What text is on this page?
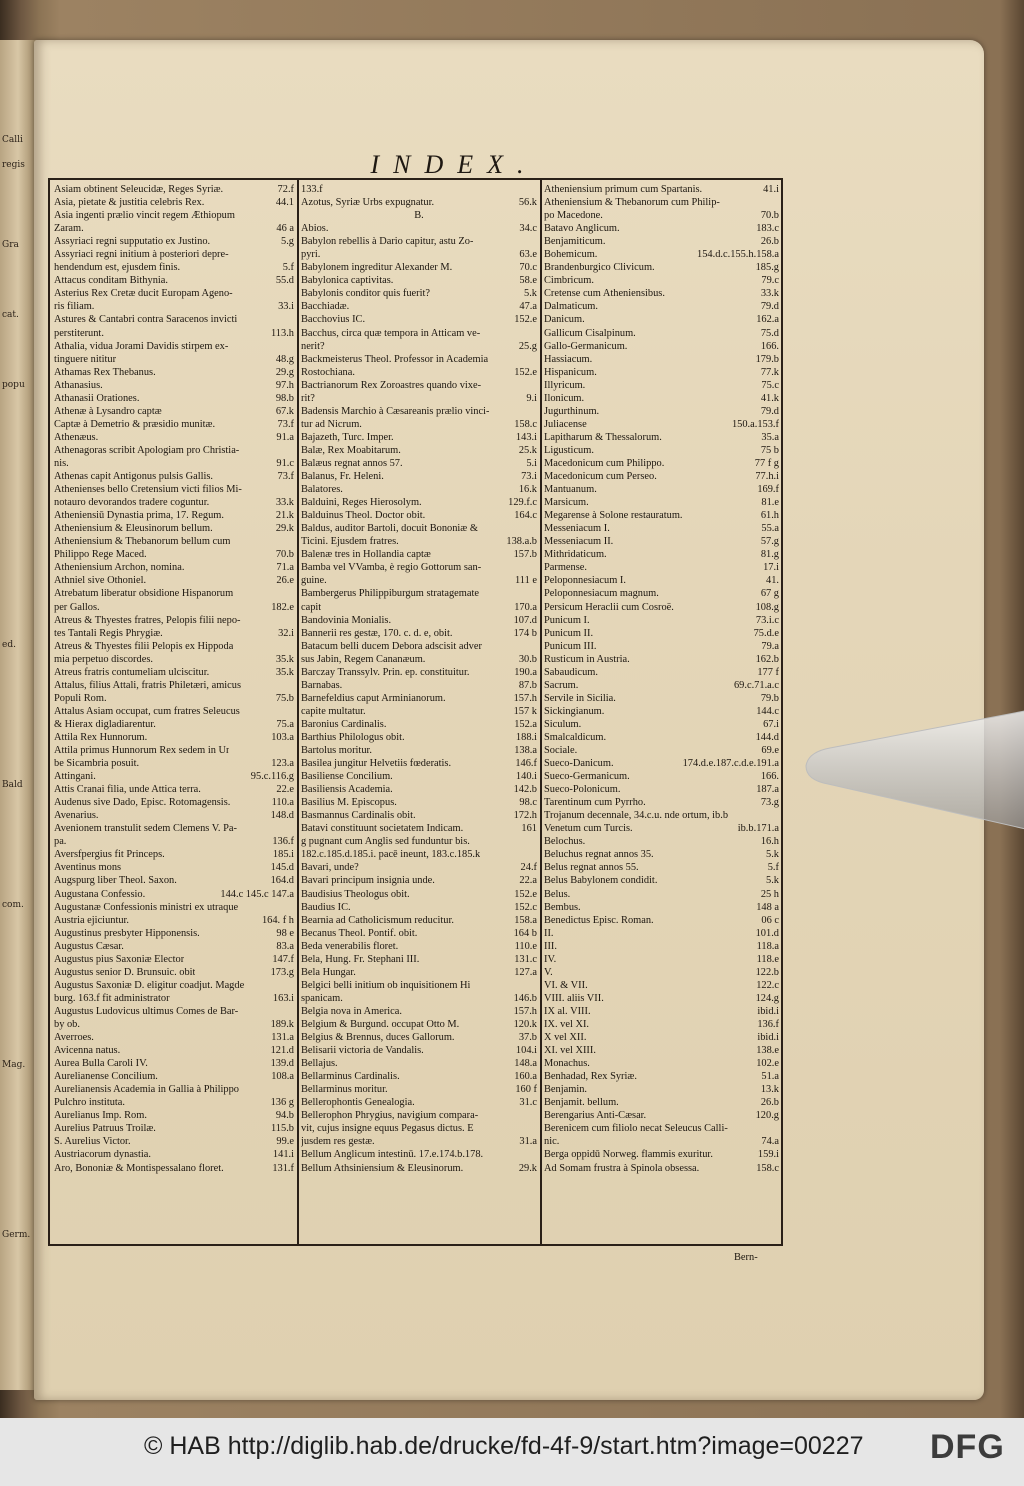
Calli
regis
Gra
cat.
popu
ed.
Bald
com.
Mag.
Germ.
INDEX.
Asiam obtinent Seleucidæ, Reges Syriæ.	72.f
Asia, pietate & justitia celebris Rex.	44.1
Asia ingenti prælio vincit regem Æthiopum
Zaram.	46 a
Assyriaci regni supputatio ex Justino.	5.g
Assyriaci regni initium à posteriori depre-
hendendum est, ejusdem finis.	5.f
Attacus conditam Bithynia.	55.d
Asterius Rex Cretæ ducit Europam Ageno-
ris filiam.	33.i
Astures & Cantabri contra Saracenos invicti
perstiterunt.	113.h
Athalia, vidua Jorami Davidis stirpem ex-
tinguere nititur	48.g
Athamas Rex Thebanus.	29.g
Athanasius.	97.h
Athanasii Orationes.	98.b
Athenæ à Lysandro captæ	67.k
Captæ à Demetrio & præsidio munitæ.	73.f
Athenæus.	91.a
Athenagoras scribit Apologiam pro Christia-
nis.	91.c
Athenas capit Antigonus pulsis Gallis.	73.f
Athenienses bello Cretensium victi filios Mi-
notauro devorandos tradere coguntur.	33.k
Atheniensiū Dynastia prima, 17. Regum.	21.k
Atheniensium & Eleusinorum bellum.	29.k
Atheniensium & Thebanorum bellum cum
Philippo Rege Maced.	70.b
Atheniensium Archon, nomina.	71.a
Athniel sive Othoniel.	26.e
Atrebatum liberatur obsidione Hispanorum
per Gallos.	182.e
Atreus & Thyestes fratres, Pelopis filii nepo-
tes Tantali Regis Phrygiæ.	32.i
Atreus & Thyestes filii Pelopis ex Hippoda
mia perpetuo discordes.	35.k
Atreus fratris contumeliam ulciscitur.	35.k
Attalus, filius Attali, fratris Philetæri, amicus
Populi Rom.	75.b
Attalus Asiam occupat, cum fratres Seleucus
& Hierax digladiarentur.	75.a
Attila Rex Hunnorum.	103.a
Attila primus Hunnorum Rex sedem in Ur
be Sicambria posuit.	123.a
Attingani.	95.c.116.g
Attis Cranai filia, unde Attica terra.	22.e
Audenus sive Dado, Episc. Rotomagensis.	110.a
Avenarius.	148.d
Avenionem transtulit sedem Clemens V. Pa-
pa.	136.f
Aversfpergius fit Princeps.	185.i
Aventinus mons	145.d
Augspurg liber Theol. Saxon.	164.d
Augustana Confessio.	144.c 145.c 147.a
Augustanæ Confessionis ministri ex utraque
Austria ejiciuntur.	164. f h
Augustinus presbyter Hipponensis.	98 e
Augustus Cæsar.	83.a
Augustus pius Saxoniæ Elector	147.f
Augustus senior D. Brunsuic. obit	173.g
Augustus Saxoniæ D. eligitur coadjut. Magde
burg. 163.f fit administrator	163.i
Augustus Ludovicus ultimus Comes de Bar-
by ob.	189.k
Averroes.	131.a
Avicenna natus.	121.d
Aurea Bulla Caroli IV.	139.d
Aurelianense Concilium.	108.a
Aurelianensis Academia in Gallia à Philippo
Pulchro instituta.	136 g
Aurelianus Imp. Rom.	94.b
Aurelius Patruus Troilæ.	115.b
S. Aurelius Victor.	99.e
Austriacorum dynastia.	141.i
Aro, Bononiæ & Montispessalano floret.	131.f
133.f
Azotus, Syriæ Urbs expugnatur.	56.k
B.
Abios.	34.c
Babylon rebellis à Dario capitur, astu Zo-
pyri.	63.e
Babylonem ingreditur Alexander M.	70.c
Babylonica captivitas.	58.e
Babylonis conditor quis fuerit?	5.k
Bacchiadæ.	47.a
Bacchovius IC.	152.e
Bacchus, circa quæ tempora in Atticam ve-
nerit?	25.g
Backmeisterus Theol. Professor in Academia
Rostochiana.	152.e
Bactrianorum Rex Zoroastres quando vixe-
rit?	9.i
Badensis Marchio à Cæsareanis prælio vinci-
tur ad Nicrum.	158.c
Bajazeth, Turc. Imper.	143.i
Balæ, Rex Moabitarum.	25.k
Balæus regnat annos 57.	5.i
Balanus, Fr. Heleni.	73.i
Balatores.	16.k
Balduini, Reges Hierosolym.	129.f.c
Balduinus Theol. Doctor obit.	164.c
Baldus, auditor Bartoli, docuit Bononiæ &
Ticini. Ejusdem fratres.	138.a.b
Balenæ tres in Hollandia captæ	157.b
Bamba vel VVamba, è regio Gottorum san-
guine.	111 e
Bambergerus Philippiburgum stratagemate
capit	170.a
Bandovinia Monialis.	107.d
Bannerii res gestæ, 170. c. d. e, obit.	174 b
Batacum belli ducem Debora adscisit adver
sus Jabin, Regem Cananæum.	30.b
Barczay Transsylv. Prin. ep. constituitur.	190.a
Barnabas.	87.b
Barnefeldius caput Arminianorum.	157.h
capite multatur.	157 k
Baronius Cardinalis.	152.a
Barthius Philologus obit.	188.i
Bartolus moritur.	138.a
Basilea jungitur Helvetiis fœderatis.	146.f
Basiliense Concilium.	140.i
Basiliensis Academia.	142.b
Basilius M. Episcopus.	98.c
Basmannus Cardinalis obit.	172.h
Batavi constituunt societatem Indicam.	161
g pugnant cum Anglis sed funduntur bis.
182.c.185.d.185.i. pacē ineunt, 183.c.185.k
Bavari, unde?	24.f
Bavari principum insignia unde.	22.a
Baudisius Theologus obit.	152.e
Baudius IC.	152.c
Bearnia ad Catholicismum reducitur.	158.a
Becanus Theol. Pontif. obit.	164 b
Beda venerabilis floret.	110.e
Bela, Hung. Fr. Stephani III.	131.c
Bela Hungar.	127.a
Belgici belli initium ob inquisitionem Hi
spanicam.	146.b
Belgia nova in America.	157.h
Belgium & Burgund. occupat Otto M.	120.k
Belgius & Brennus, duces Gallorum.	37.b
Belisarii victoria de Vandalis.	104.i
Bellajus.	148.a
Bellarminus Cardinalis.	160.a
Bellarminus moritur.	160 f
Bellerophontis Genealogia.	31.c
Bellerophon Phrygius, navigium compara-
vit, cujus insigne equus Pegasus dictus. E
jusdem res gestæ.	31.a
Bellum Anglicum intestinū. 17.e.174.b.178.
Bellum Athsiniensium & Eleusinorum.	29.k
Atheniensium primum cum Spartanis.	41.i
Atheniensium & Thebanorum cum Philip-
po Macedone.	70.b
Batavo Anglicum.	183.c
Benjamiticum.	26.b
Bohemicum.	154.d.c.155.h.158.a
Brandenburgico Clivicum.	185.g
Cimbricum.	79.c
Cretense cum Atheniensibus.	33.k
Dalmaticum.	79.d
Danicum.	162.a
Gallicum Cisalpinum.	75.d
Gallo-Germanicum.	166.
Hassiacum.	179.b
Hispanicum.	77.k
Illyricum.	75.c
Ilonicum.	41.k
Jugurthinum.	79.d
Juliacense	150.a.153.f
Lapitharum & Thessalorum.	35.a
Ligusticum.	75 b
Macedonicum cum Philippo.	77 f g
Macedonicum cum Perseo.	77.h.i
Mantuanum.	169.f
Marsicum.	81.e
Megarense à Solone restauratum.	61.h
Messeniacum I.	55.a
Messeniacum II.	57.g
Mithridaticum.	81.g
Parmense.	17.i
Peloponnesiacum I.	41.
Peloponnesiacum magnum.	67 g
Persicum Heraclii cum Cosroë.	108.g
Punicum I.	73.i.c
Punicum II.	75.d.e
Punicum III.	79.a
Rusticum in Austria.	162.b
Sabaudicum.	177 f
Sacrum.	69.c.71.a.c
Servile in Sicilia.	79.b
Sickingianum.	144.c
Siculum.	67.i
Smalcaldicum.	144.d
Sociale.	69.e
Sueco-Danicum.	174.d.e.187.c.d.e.191.a
Sueco-Germanicum.	166.
Sueco-Polonicum.	187.a
Tarentinum cum Pyrrho.	73.g
Trojanum decennale, 34.c.u. nde ortum, ib.b
Venetum cum Turcis.	ib.b.171.a
Belochus.	16.h
Beluchus regnat annos 35.	5.k
Belus regnat annos 55.	5.f
Belus Babylonem condidit.	5.k
Belus.	25 h
Bembus.	148 a
Benedictus Episc. Roman.	06 c
II.	101.d
III.	118.a
IV.	118.e
V.	122.b
VI. & VII.	122.c
VIII. aliis VII.	124.g
IX al. VIII.	ibid.i
IX. vel XI.	136.f
X vel XII.	ibid.i
XI. vel XIII.	138.e
Monachus.	102.e
Benhadad, Rex Syriæ.	51.a
Benjamin.	13.k
Benjamit. bellum.	26.b
Berengarius Anti-Cæsar.	120.g
Berenicem cum filiolo necat Seleucus Calli-
nic.	74.a
Berga oppidū Norweg. flammis exuritur.	159.i
Ad Somam frustra à Spinola obsessa.	158.c
Bern-
© HAB http://diglib.hab.de/drucke/fd-4f-9/start.htm?image=00227 DFG
